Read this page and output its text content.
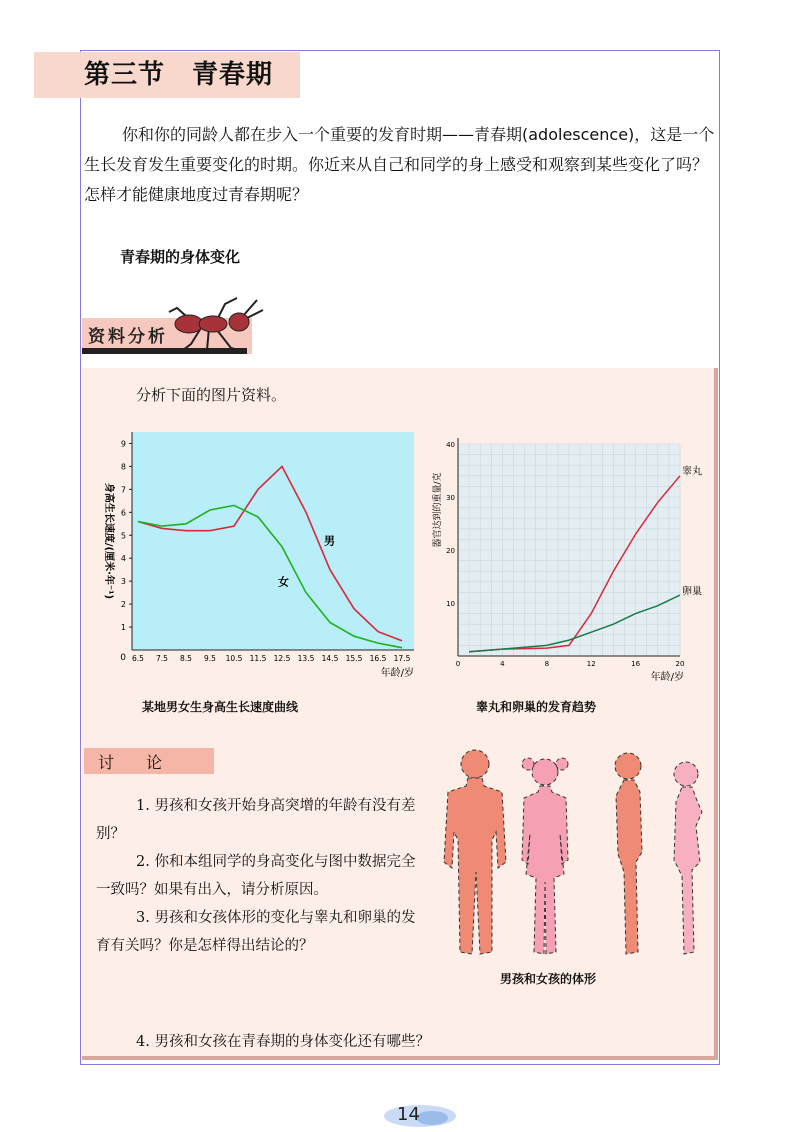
第三节　青春期
你和你的同龄人都在步入一个重要的发育时期——青春期(adolescence)，这是一个生长发育发生重要变化的时期。你近来从自己和同学的身上感受和观察到某些变化了吗？怎样才能健康地度过青春期呢？
青春期的身体变化
资料分析
分析下面的图片资料。
1
2
3
4
5
6
7
8
9
0 6.5 7.5 8.5 9.5 10.5 11.5 12.5 13.5 14.5 15.5 16.5 17.5
年龄/岁
身高生长速度/(厘米·年⁻¹)	男
女
某地男女生身高生长速度曲线
10
20
30
40
0	4	8	12	16	20
年龄/岁
器官达到的重量/克
睾丸
卵巢
睾丸和卵巢的发育趋势
讨　　论

1. 男孩和女孩开始身高突增的年龄有没有差别？

2. 你和本组同学的身高变化与图中数据完全一致吗？如果有出入，请分析原因。

3. 男孩和女孩体形的变化与睾丸和卵巢的发育有关吗？你是怎样得出结论的？

4. 男孩和女孩在青春期的身体变化还有哪些？

男孩和女孩的体形
14
